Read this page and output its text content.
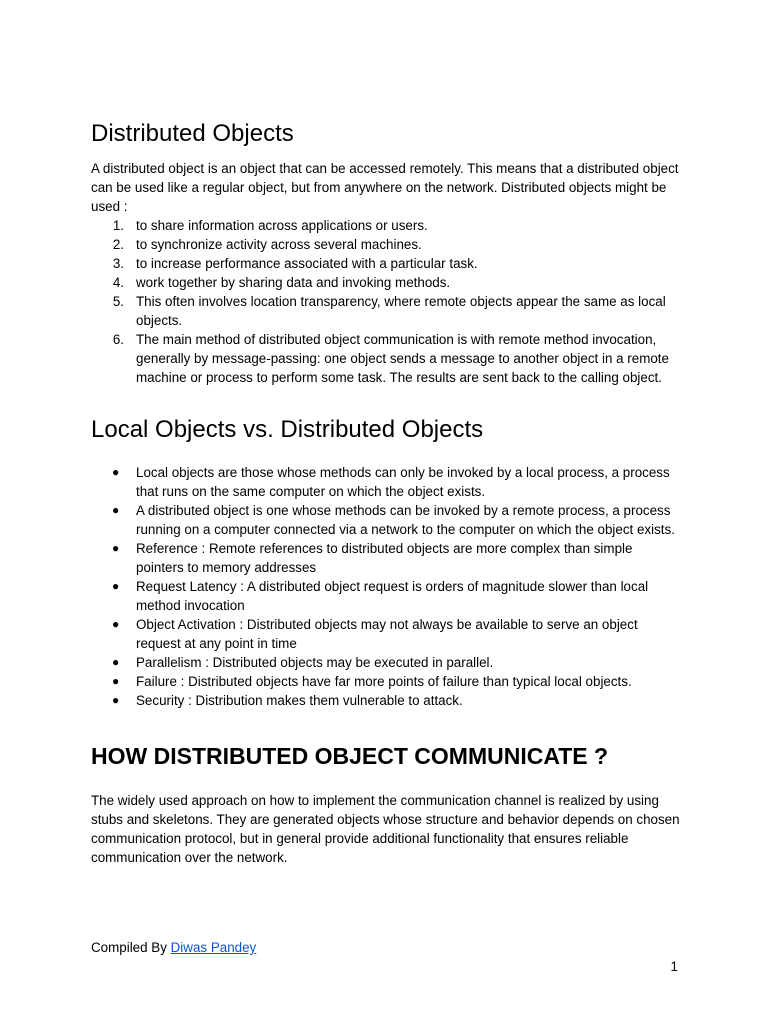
Distributed Objects

A distributed object is an object that can be accessed remotely. This means that a distributed object can be used like a regular object, but from anywhere on the network. Distributed objects might be used :

1. to share information across applications or users.
2. to synchronize activity across several machines.
3. to increase performance associated with a particular task.
4. work together by sharing data and invoking methods.
5. This often involves location transparency, where remote objects appear the same as local objects.
6. The main method of distributed object communication is with remote method invocation, generally by message-passing: one object sends a message to another object in a remote machine or process to perform some task. The results are sent back to the calling object.
Local Objects vs. Distributed Objects
● Local objects are those whose methods can only be invoked by a local process, a process that runs on the same computer on which the object exists.
● A distributed object is one whose methods can be invoked by a remote process, a process running on a computer connected via a network to the computer on which the object exists.
● Reference : Remote references to distributed objects are more complex than simple pointers to memory addresses
● Request Latency : A distributed object request is orders of magnitude slower than local method invocation
● Object Activation : Distributed objects may not always be available to serve an object request at any point in time
● Parallelism : Distributed objects may be executed in parallel.
● Failure : Distributed objects have far more points of failure than typical local objects.
● Security : Distribution makes them vulnerable to attack.
HOW DISTRIBUTED OBJECT COMMUNICATE ?

The widely used approach on how to implement the communication channel is realized by using stubs and skeletons. They are generated objects whose structure and behavior depends on chosen communication protocol, but in general provide additional functionality that ensures reliable communication over the network.

Compiled By Diwas Pandey
1
